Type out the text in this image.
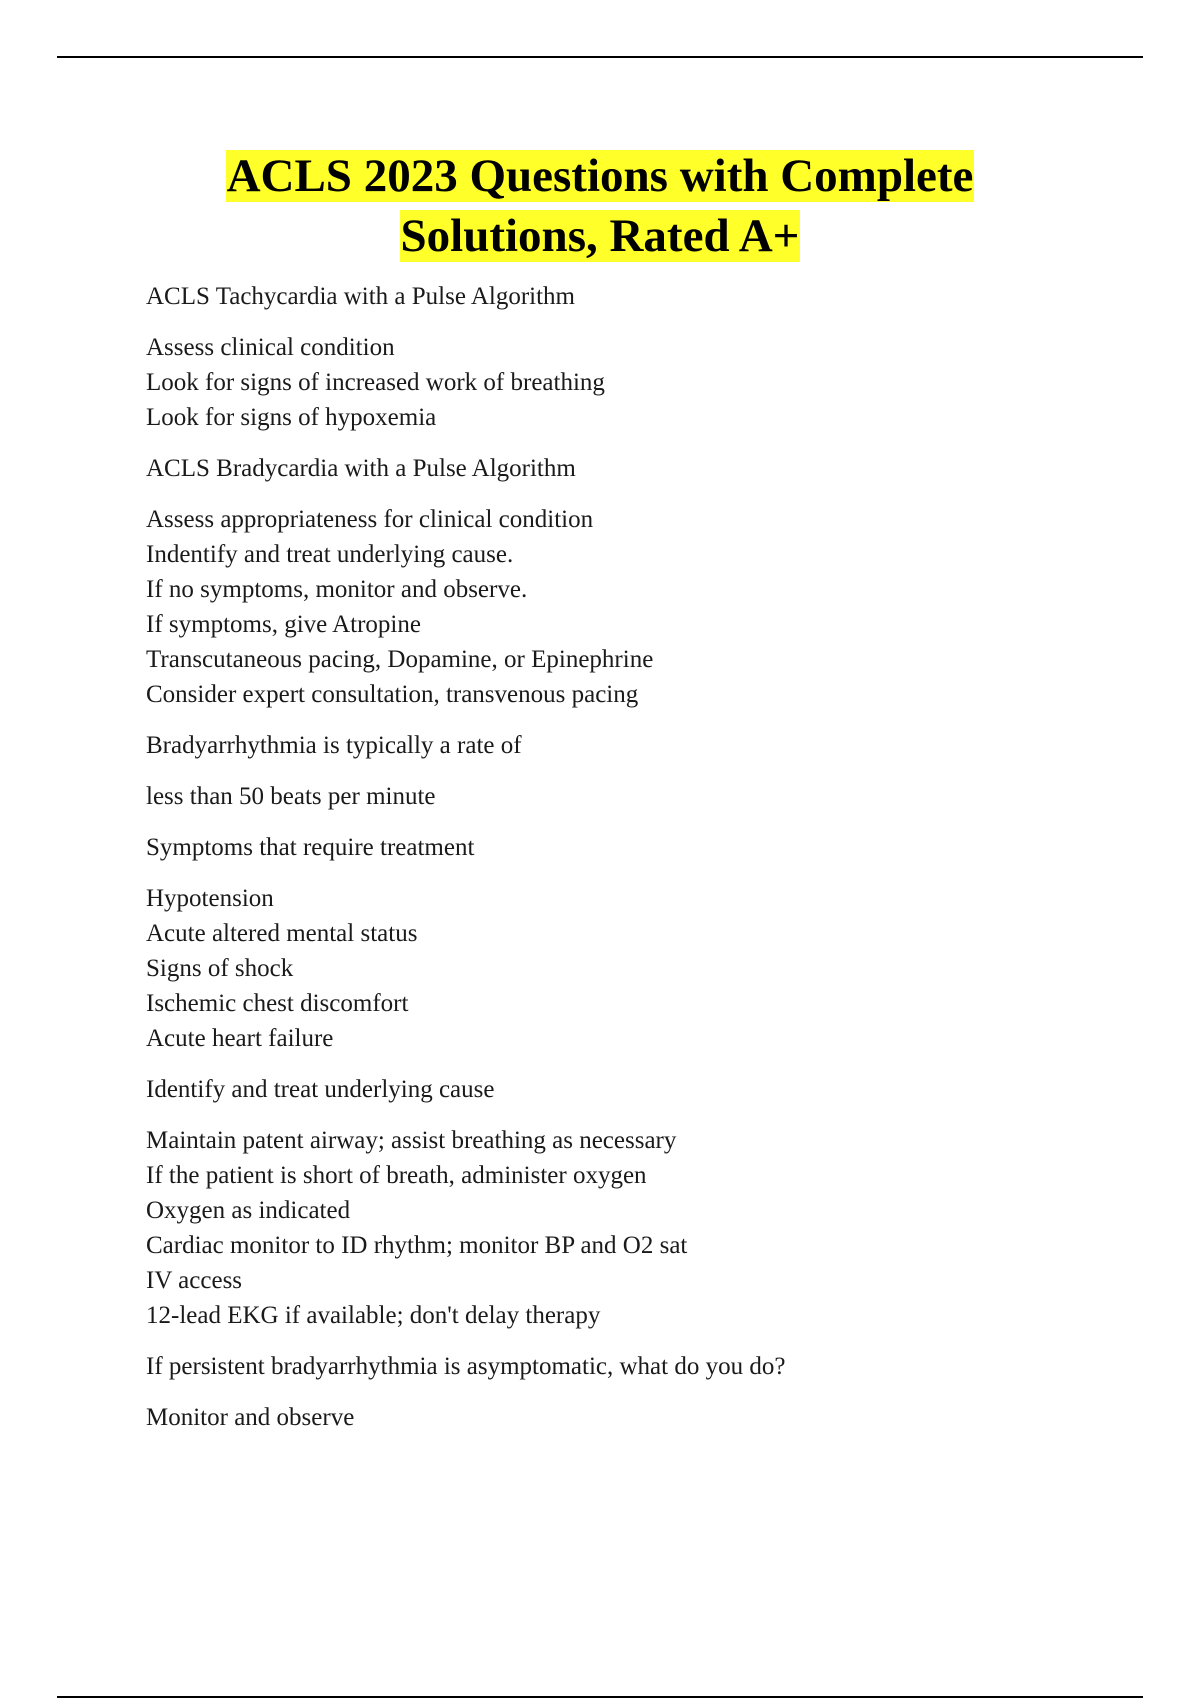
ACLS 2023 Questions with Complete
Solutions, Rated A+
ACLS Tachycardia with a Pulse Algorithm
Assess clinical condition
Look for signs of increased work of breathing
Look for signs of hypoxemia
ACLS Bradycardia with a Pulse Algorithm
Assess appropriateness for clinical condition
Indentify and treat underlying cause.
If no symptoms, monitor and observe.
If symptoms, give Atropine
Transcutaneous pacing, Dopamine, or Epinephrine
Consider expert consultation, transvenous pacing
Bradyarrhythmia is typically a rate of
less than 50 beats per minute
Symptoms that require treatment
Hypotension
Acute altered mental status
Signs of shock
Ischemic chest discomfort
Acute heart failure
Identify and treat underlying cause
Maintain patent airway; assist breathing as necessary
If the patient is short of breath, administer oxygen
Oxygen as indicated
Cardiac monitor to ID rhythm; monitor BP and O2 sat
IV access
12-lead EKG if available; don't delay therapy
If persistent bradyarrhythmia is asymptomatic, what do you do?
Monitor and observe
